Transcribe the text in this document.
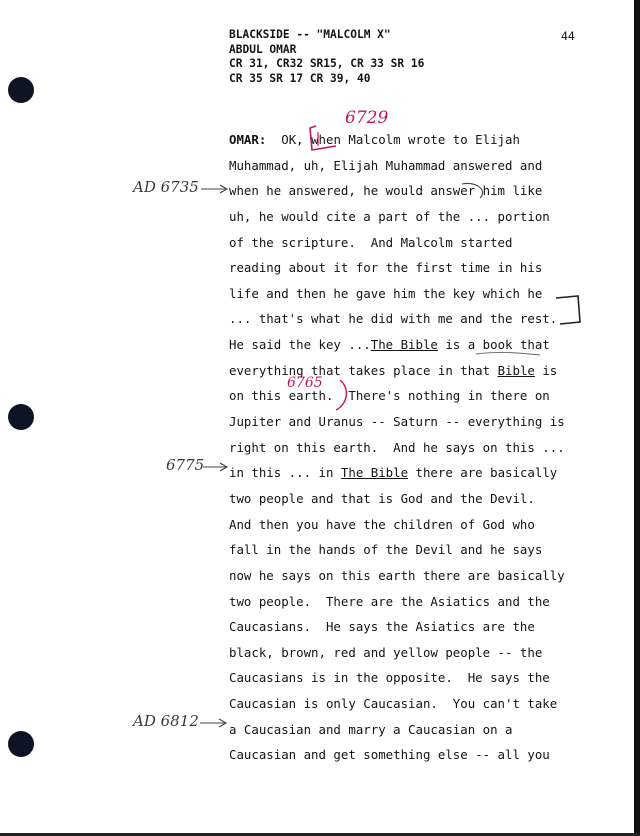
BLACKSIDE -- "MALCOLM X"
ABDUL OMAR
CR 31, CR32 SR15, CR 33 SR 16
CR 35 SR 17 CR 39, 40
44
OMAR:  OK, when Malcolm wrote to Elijah
Muhammad, uh, Elijah Muhammad answered and
when he answered, he would answer him like
uh, he would cite a part of the ... portion
of the scripture.  And Malcolm started
reading about it for the first time in his
life and then he gave him the key which he
... that's what he did with me and the rest.
He said the key ...The Bible is a book that
everything that takes place in that Bible is
on this earth.  There's nothing in there on
Jupiter and Uranus -- Saturn -- everything is
right on this earth.  And he says on this ...
in this ... in The Bible there are basically
two people and that is God and the Devil.
And then you have the children of God who
fall in the hands of the Devil and he says
now he says on this earth there are basically
two people.  There are the Asiatics and the
Caucasians.  He says the Asiatics are the
black, brown, red and yellow people -- the
Caucasians is in the opposite.  He says the
Caucasian is only Caucasian.  You can't take
a Caucasian and marry a Caucasian on a
Caucasian and get something else -- all you
6729
6765
AD 6735
6775
AD 6812
